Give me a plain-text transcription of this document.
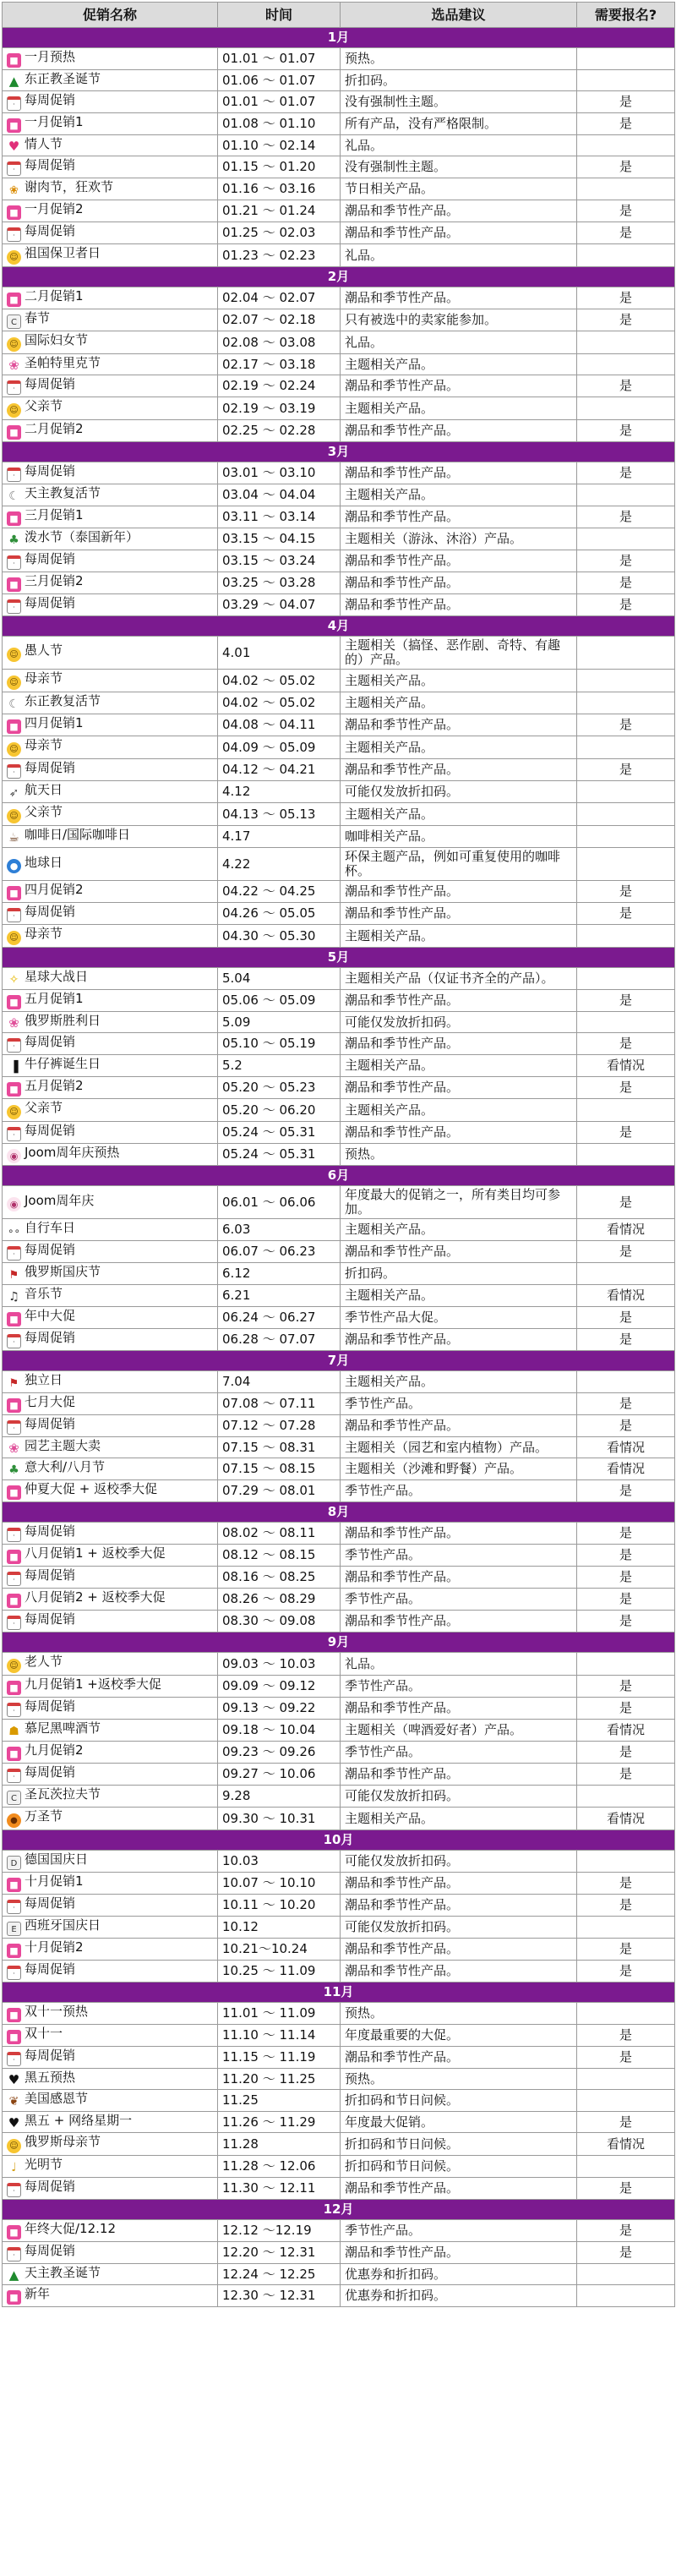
促销名称	时间	选品建议	需要报名?
1月			
■ 一月预热	01.01 ～ 01.07	预热。	
▲ 东正教圣诞节	01.06 ～ 01.07	折扣码。	
· 每周促销	01.01 ～ 01.07	没有强制性主题。	是
■ 一月促销1	01.08 ～ 01.10	所有产品，没有严格限制。	是
♥ 情人节	01.10 ～ 02.14	礼品。	
· 每周促销	01.15 ～ 01.20	没有强制性主题。	是
❀ 谢肉节，狂欢节	01.16 ～ 03.16	节日相关产品。	
■ 一月促销2	01.21 ～ 01.24	潮品和季节性产品。	是
· 每周促销	01.25 ～ 02.03	潮品和季节性产品。	是
☺ 祖国保卫者日	01.23 ～ 02.23	礼品。	
2月			
■ 二月促销1	02.04 ～ 02.07	潮品和季节性产品。	是
C 春节	02.07 ～ 02.18	只有被选中的卖家能参加。	是
☺ 国际妇女节	02.08 ～ 03.08	礼品。	
❀ 圣帕特里克节	02.17 ～ 03.18	主题相关产品。	
· 每周促销	02.19 ～ 02.24	潮品和季节性产品。	是
☺ 父亲节	02.19 ～ 03.19	主题相关产品。	
■ 二月促销2	02.25 ～ 02.28	潮品和季节性产品。	是
3月			
· 每周促销	03.01 ～ 03.10	潮品和季节性产品。	是
☾ 天主教复活节	03.04 ～ 04.04	主题相关产品。	
■ 三月促销1	03.11 ～ 03.14	潮品和季节性产品。	是
♣ 泼水节（泰国新年）	03.15 ～ 04.15	主题相关（游泳、沐浴）产品。	
· 每周促销	03.15 ～ 03.24	潮品和季节性产品。	是
■ 三月促销2	03.25 ～ 03.28	潮品和季节性产品。	是
· 每周促销	03.29 ～ 04.07	潮品和季节性产品。	是
4月			
☺ 愚人节	4.01	主题相关（搞怪、恶作剧、奇特、有趣的）产品。	
☺ 母亲节	04.02 ～ 05.02	主题相关产品。	
☾ 东正教复活节	04.02 ～ 05.02	主题相关产品。	
■ 四月促销1	04.08 ～ 04.11	潮品和季节性产品。	是
☺ 母亲节	04.09 ～ 05.09	主题相关产品。	
· 每周促销	04.12 ～ 04.21	潮品和季节性产品。	是
➶ 航天日	4.12	可能仅发放折扣码。	
☺ 父亲节	04.13 ～ 05.13	主题相关产品。	
☕ 咖啡日/国际咖啡日	4.17	咖啡相关产品。	
● 地球日	4.22	环保主题产品，例如可重复使用的咖啡杯。	
■ 四月促销2	04.22 ～ 04.25	潮品和季节性产品。	是
· 每周促销	04.26 ～ 05.05	潮品和季节性产品。	是
☺ 母亲节	04.30 ～ 05.30	主题相关产品。	
5月			
✧ 星球大战日	5.04	主题相关产品（仅证书齐全的产品）。	
■ 五月促销1	05.06 ～ 05.09	潮品和季节性产品。	是
❀ 俄罗斯胜利日	5.09	可能仅发放折扣码。	
· 每周促销	05.10 ～ 05.19	潮品和季节性产品。	是
▐ 牛仔裤诞生日	5.2	主题相关产品。	看情况
■ 五月促销2	05.20 ～ 05.23	潮品和季节性产品。	是
☺ 父亲节	05.20 ～ 06.20	主题相关产品。	
· 每周促销	05.24 ～ 05.31	潮品和季节性产品。	是
◉ Joom周年庆预热	05.24 ～ 05.31	预热。	
6月			
◉ Joom周年庆	06.01 ～ 06.06	年度最大的促销之一，所有类目均可参加。	是
∘∘ 自行车日	6.03	主题相关产品。	看情况
· 每周促销	06.07 ～ 06.23	潮品和季节性产品。	是
⚑ 俄罗斯国庆节	6.12	折扣码。	
♫ 音乐节	6.21	主题相关产品。	看情况
■ 年中大促	06.24 ～ 06.27	季节性产品大促。	是
· 每周促销	06.28 ～ 07.07	潮品和季节性产品。	是
7月			
⚑ 独立日	7.04	主题相关产品。	
■ 七月大促	07.08 ～ 07.11	季节性产品。	是
· 每周促销	07.12 ～ 07.28	潮品和季节性产品。	是
❀ 园艺主题大卖	07.15 ～ 08.31	主题相关（园艺和室内植物）产品。	看情况
♣ 意大利/八月节	07.15 ～ 08.15	主题相关（沙滩和野餐）产品。	看情况
■ 仲夏大促 + 返校季大促	07.29 ～ 08.01	季节性产品。	是
8月			
· 每周促销	08.02 ～ 08.11	潮品和季节性产品。	是
■ 八月促销1 + 返校季大促	08.12 ～ 08.15	季节性产品。	是
· 每周促销	08.16 ～ 08.25	潮品和季节性产品。	是
■ 八月促销2 + 返校季大促	08.26 ～ 08.29	季节性产品。	是
· 每周促销	08.30 ～ 09.08	潮品和季节性产品。	是
9月			
☺ 老人节	09.03 ～ 10.03	礼品。	
■ 九月促销1 +返校季大促	09.09 ～ 09.12	季节性产品。	是
· 每周促销	09.13 ～ 09.22	潮品和季节性产品。	是
☗ 慕尼黑啤酒节	09.18 ～ 10.04	主题相关（啤酒爱好者）产品。	看情况
■ 九月促销2	09.23 ～ 09.26	季节性产品。	是
· 每周促销	09.27 ～ 10.06	潮品和季节性产品。	是
C 圣瓦茨拉夫节	9.28	可能仅发放折扣码。	
● 万圣节	09.30 ～ 10.31	主题相关产品。	看情况
10月			
D 德国国庆日	10.03	可能仅发放折扣码。	
■ 十月促销1	10.07 ～ 10.10	潮品和季节性产品。	是
· 每周促销	10.11 ～ 10.20	潮品和季节性产品。	是
E 西班牙国庆日	10.12	可能仅发放折扣码。	
■ 十月促销2	10.21～10.24	潮品和季节性产品。	是
· 每周促销	10.25 ～ 11.09	潮品和季节性产品。	是
11月			
■ 双十一预热	11.01 ～ 11.09	预热。	
■ 双十一	11.10 ～ 11.14	年度最重要的大促。	是
· 每周促销	11.15 ～ 11.19	潮品和季节性产品。	是
♥ 黑五预热	11.20 ～ 11.25	预热。	
❦ 美国感恩节	11.25	折扣码和节日问候。	
♥ 黑五 + 网络星期一	11.26 ～ 11.29	年度最大促销。	是
☺ 俄罗斯母亲节	11.28	折扣码和节日问候。	看情况
♩ 光明节	11.28 ～ 12.06	折扣码和节日问候。	
· 每周促销	11.30 ～ 12.11	潮品和季节性产品。	是
12月			
■ 年终大促/12.12	12.12 ～12.19	季节性产品。	是
· 每周促销	12.20 ～ 12.31	潮品和季节性产品。	是
▲ 天主教圣诞节	12.24 ～ 12.25	优惠券和折扣码。	
■ 新年	12.30 ～ 12.31	优惠券和折扣码。	
